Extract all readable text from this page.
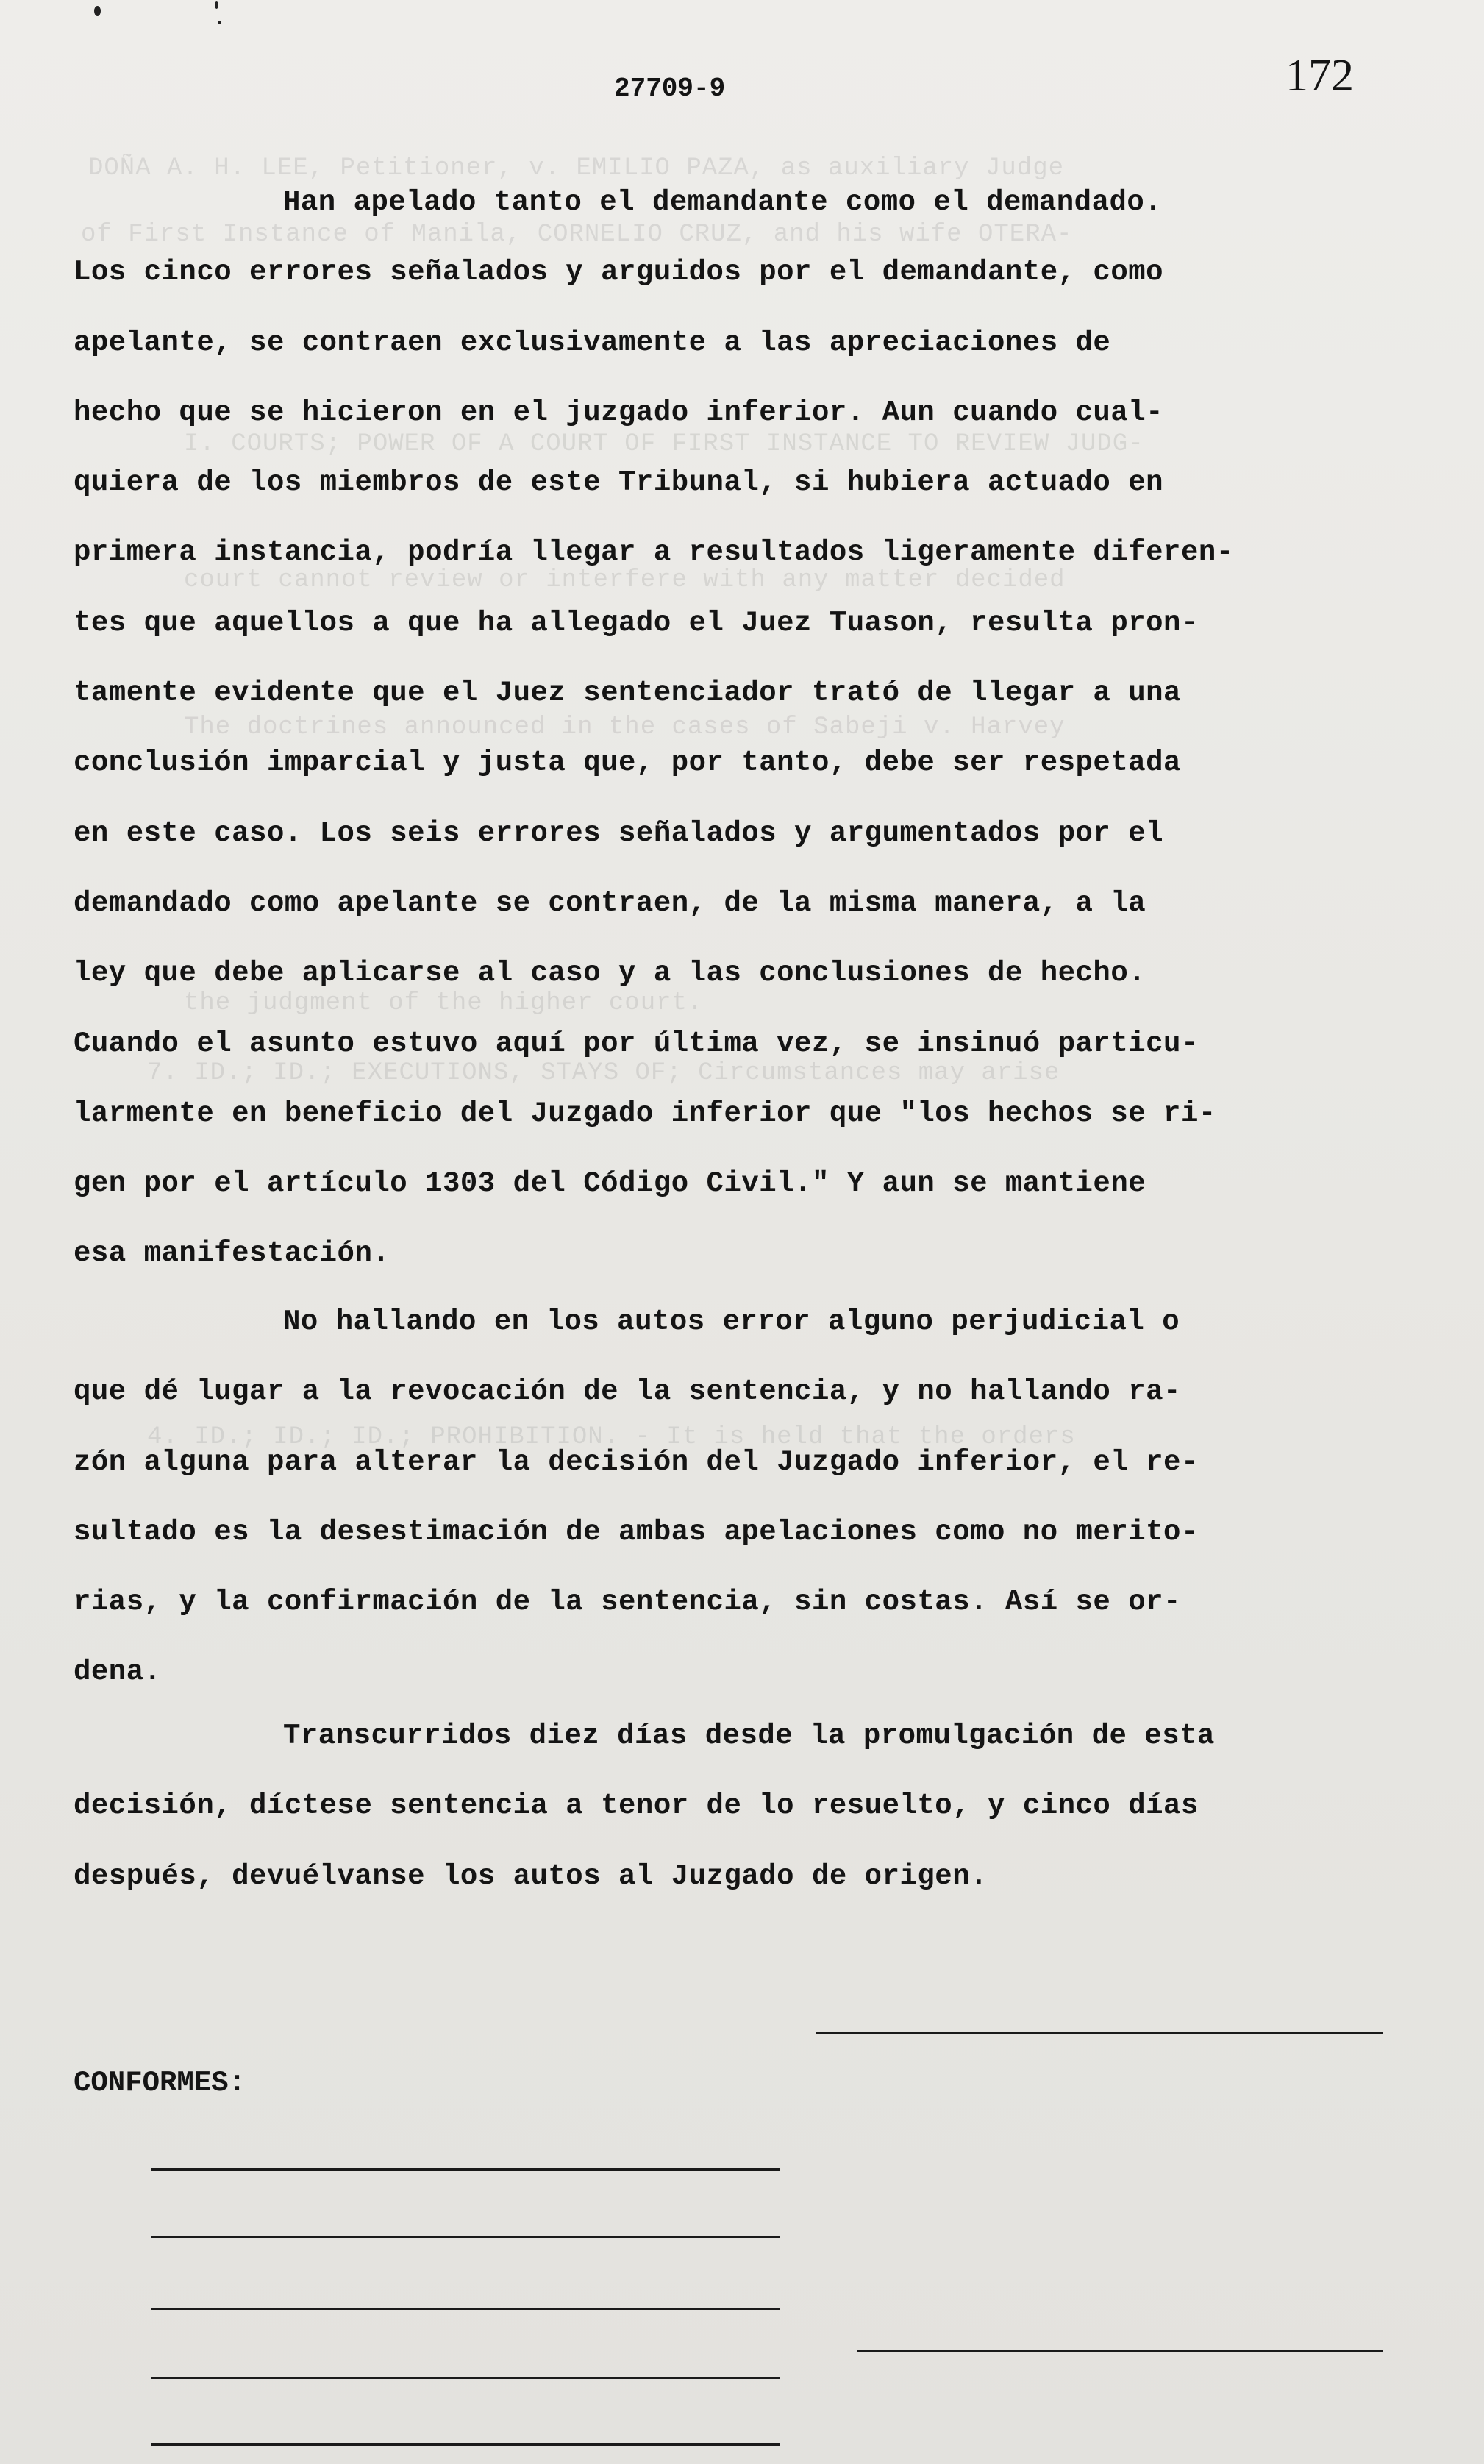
DOÑA A. H. LEE, Petitioner, v. EMILIO PAZA, as auxiliary Judge
of First Instance of Manila, CORNELIO CRUZ, and his wife OTERA-
I. COURTS; POWER OF A COURT OF FIRST INSTANCE TO REVIEW JUDG-
court cannot review or interfere with any matter decided
The doctrines announced in the cases of Sabeji v. Harvey
the judgment of the higher court.
7. ID.; ID.; EXECUTIONS, STAYS OF; Circumstances may arise
4. ID.; ID.; ID.; PROHIBITION. - It is held that the orders
27709-9	172
Han apelado tanto el demandante como el demandado.
Los cinco errores señalados y arguidos por el demandante, como
apelante, se contraen exclusivamente a las apreciaciones de
hecho que se hicieron en el juzgado inferior. Aun cuando cual-
quiera de los miembros de este Tribunal, si hubiera actuado en
primera instancia, podría llegar a resultados ligeramente diferen-
tes que aquellos a que ha allegado el Juez Tuason, resulta pron-
tamente evidente que el Juez sentenciador trató de llegar a una
conclusión imparcial y justa que, por tanto, debe ser respetada
en este caso. Los seis errores señalados y argumentados por el
demandado como apelante se contraen, de la misma manera, a la
ley que debe aplicarse al caso y a las conclusiones de hecho.
Cuando el asunto estuvo aquí por última vez, se insinuó particu-
larmente en beneficio del Juzgado inferior que "los hechos se ri-
gen por el artículo 1303 del Código Civil." Y aun se mantiene
esa manifestación.
No hallando en los autos error alguno perjudicial o
que dé lugar a la revocación de la sentencia, y no hallando ra-
zón alguna para alterar la decisión del Juzgado inferior, el re-
sultado es la desestimación de ambas apelaciones como no merito-
rias, y la confirmación de la sentencia, sin costas. Así se or-
dena.
Transcurridos diez días desde la promulgación de esta
decisión, díctese sentencia a tenor de lo resuelto, y cinco días
después, devuélvanse los autos al Juzgado de origen.
CONFORMES:
